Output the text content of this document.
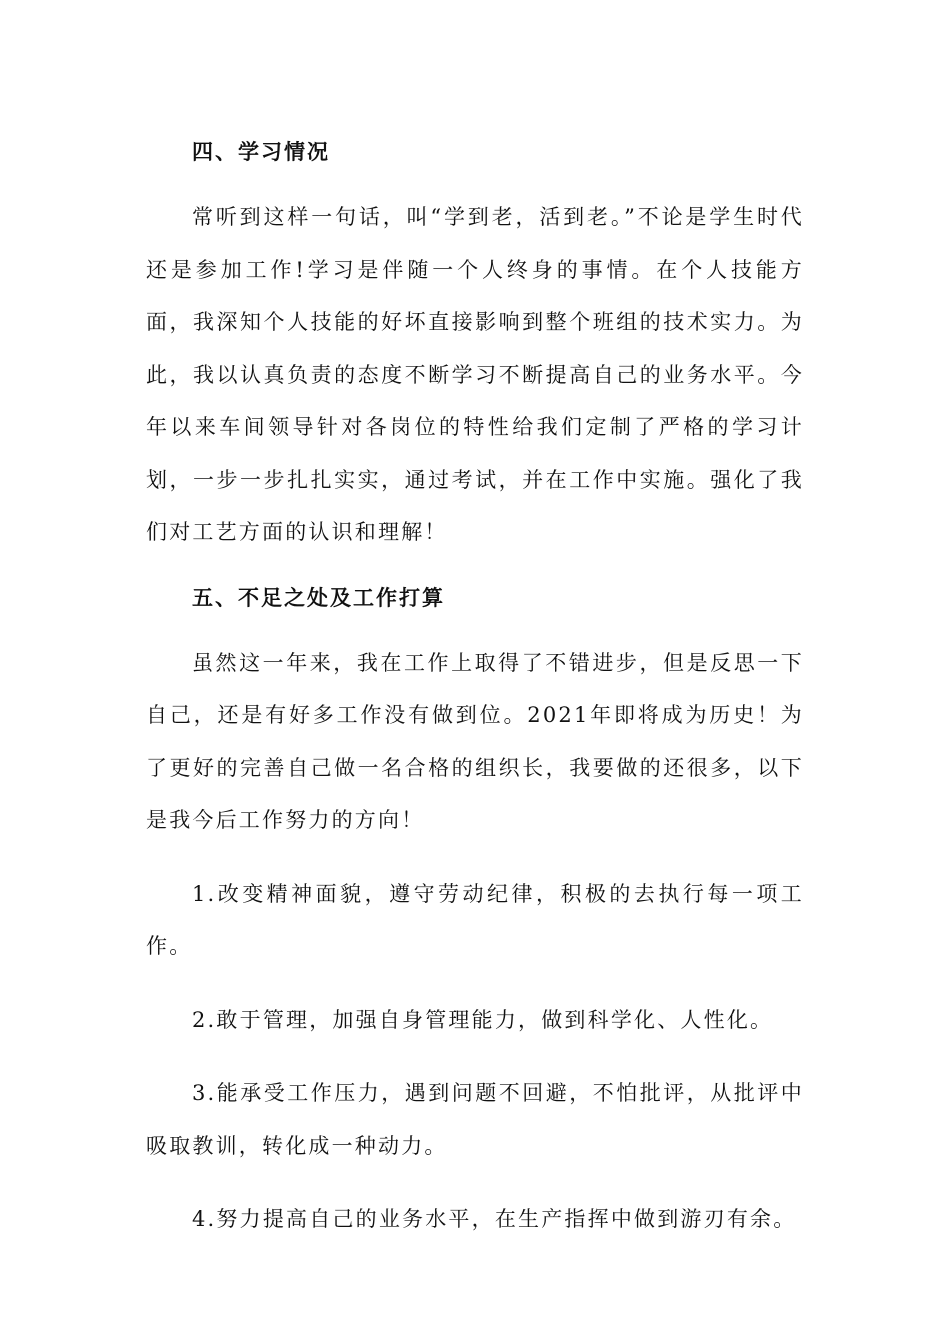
四、学习情况

常听到这样一句话，叫“学到老，活到老。”不论是学生时代还是参加工作!学习是伴随一个人终身的事情。在个人技能方面，我深知个人技能的好坏直接影响到整个班组的技术实力。为此，我以认真负责的态度不断学习不断提高自己的业务水平。今年以来车间领导针对各岗位的特性给我们定制了严格的学习计划，一步一步扎扎实实，通过考试，并在工作中实施。强化了我们对工艺方面的认识和理解！

五、不足之处及工作打算

虽然这一年来，我在工作上取得了不错进步，但是反思一下自己，还是有好多工作没有做到位。2021年即将成为历史！为了更好的完善自己做一名合格的组织长，我要做的还很多，以下是我今后工作努力的方向！

1.改变精神面貌，遵守劳动纪律，积极的去执行每一项工作。

2.敢于管理，加强自身管理能力，做到科学化、人性化。

3.能承受工作压力，遇到问题不回避，不怕批评，从批评中吸取教训，转化成一种动力。

4.努力提高自己的业务水平，在生产指挥中做到游刃有余。
